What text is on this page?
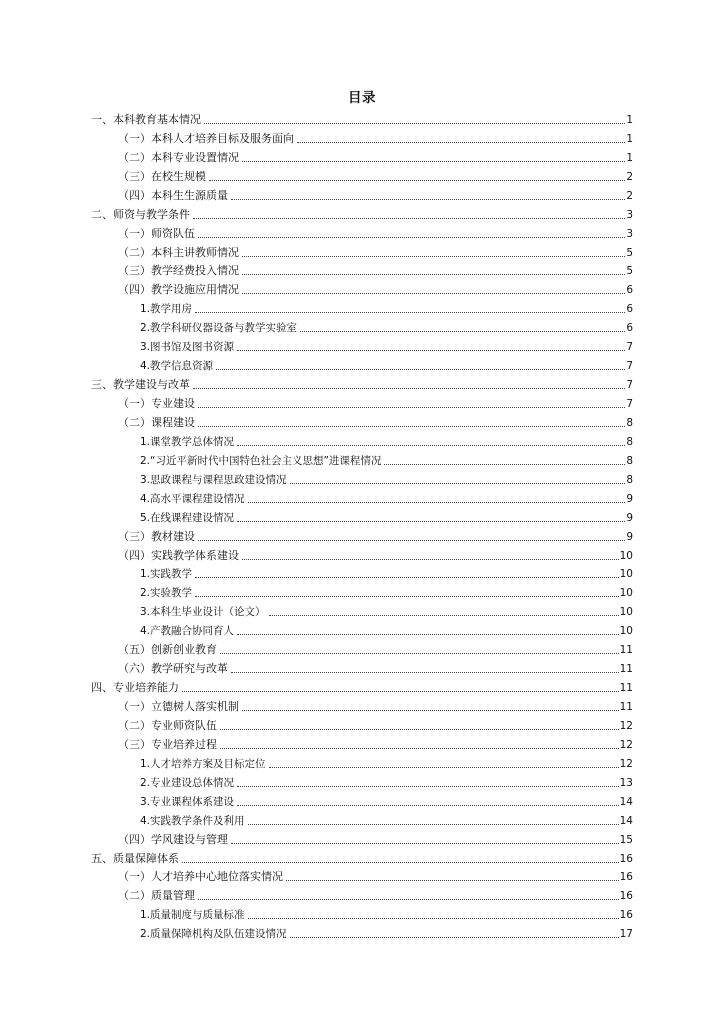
目录
一、本科教育基本情况	1
（一）本科人才培养目标及服务面向	1
（二）本科专业设置情况	1
（三）在校生规模	2
（四）本科生生源质量	2
二、师资与教学条件	3
（一）师资队伍	3
（二）本科主讲教师情况	5
（三）教学经费投入情况	5
（四）教学设施应用情况	6
1.教学用房	6
2.教学科研仪器设备与教学实验室	6
3.图书馆及图书资源	7
4.教学信息资源	7
三、教学建设与改革	7
（一）专业建设	7
（二）课程建设	8
1.课堂教学总体情况	8
2.“习近平新时代中国特色社会主义思想”进课程情况	8
3.思政课程与课程思政建设情况	8
4.高水平课程建设情况	9
5.在线课程建设情况	9
（三）教材建设	9
（四）实践教学体系建设	10
1.实践教学	10
2.实验教学	10
3.本科生毕业设计（论文）	10
4.产教融合协同育人	10
（五）创新创业教育	11
（六）教学研究与改革	11
四、专业培养能力	11
（一）立德树人落实机制	11
（二）专业师资队伍	12
（三）专业培养过程	12
1.人才培养方案及目标定位	12
2.专业建设总体情况	13
3.专业课程体系建设	14
4.实践教学条件及利用	14
（四）学风建设与管理	15
五、质量保障体系	16
（一）人才培养中心地位落实情况	16
（二）质量管理	16
1.质量制度与质量标准	16
2.质量保障机构及队伍建设情况	17
